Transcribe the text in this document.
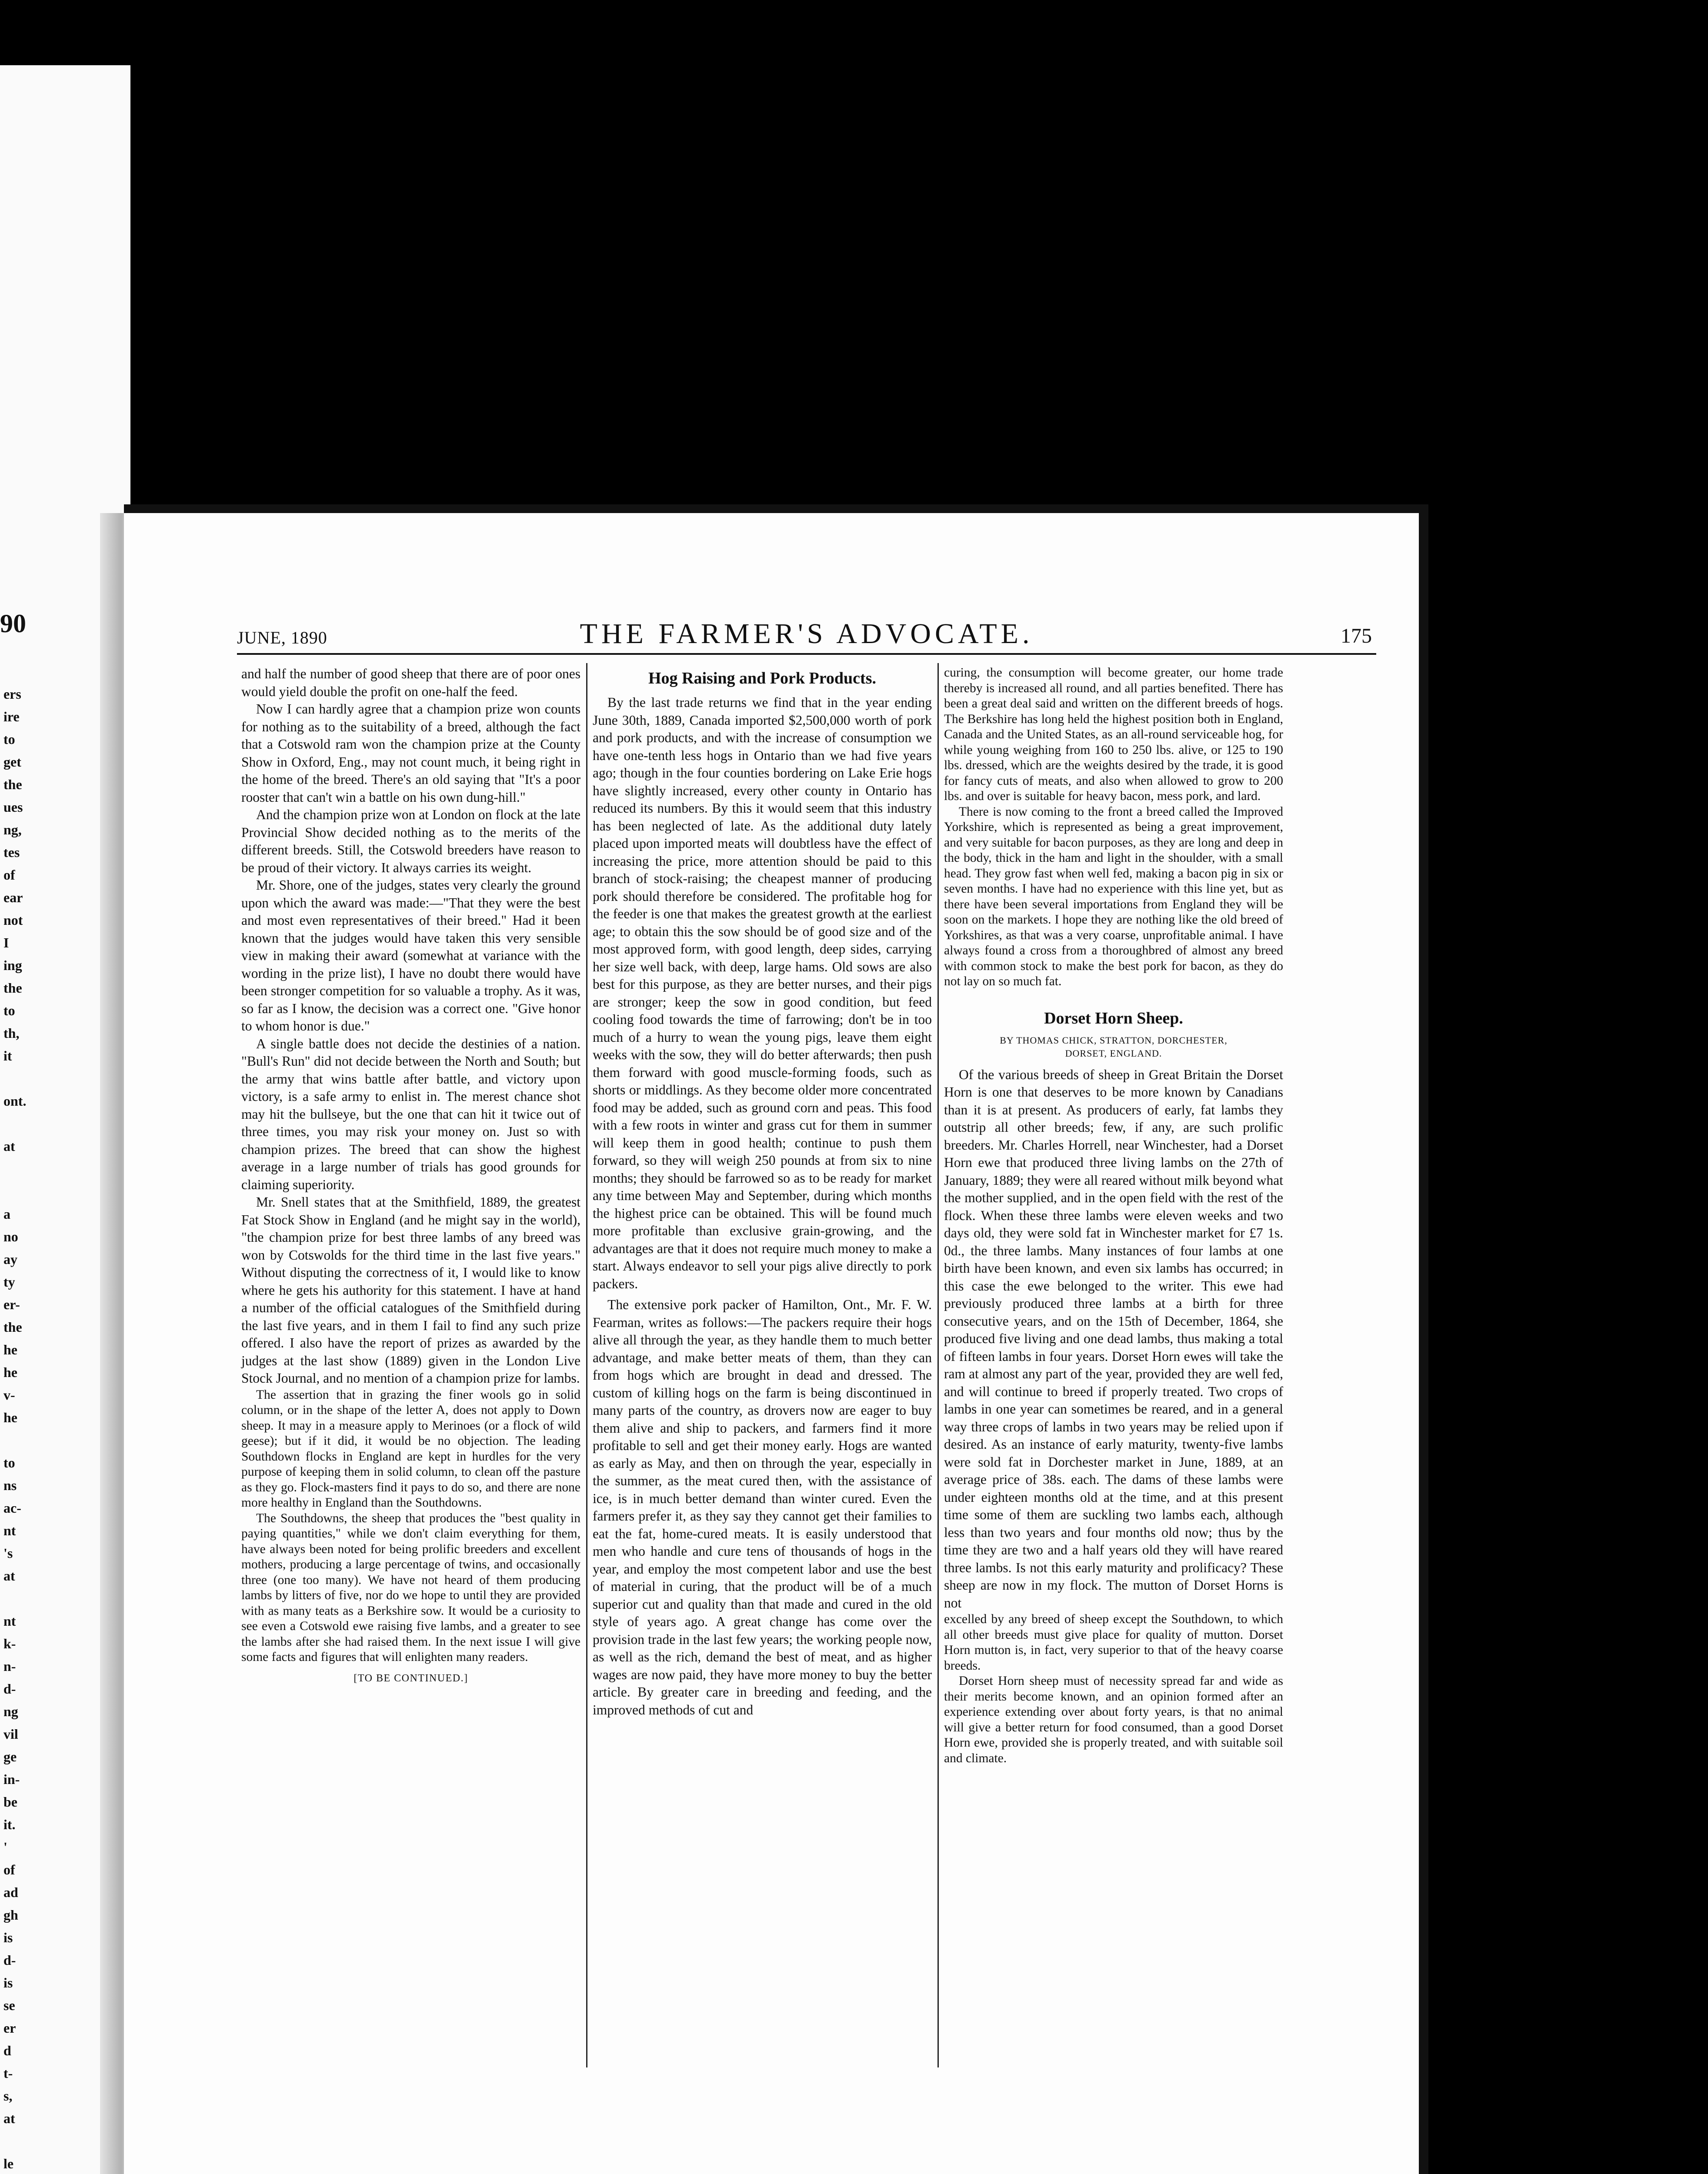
90
ers
ire
to
get
the
ues
ng,
tes
of
ear
not
I
ing
the
to
th,
it

ont.

at

a
no
ay
ty
er-
the
he
he
v-
he

to
ns
ac-
nt
's
at

nt
k-
n-
d-
ng
vil
ge
in-
be
it.
'
of
ad
gh
is
d-
is
se
er
d
t-
s,
at

le

JUNE, 1890	THE FARMER'S ADVOCATE.	175

and half the number of good sheep that there are of poor ones would yield double the profit on one-half the feed.

Now I can hardly agree that a champion prize won counts for nothing as to the suitability of a breed, although the fact that a Cotswold ram won the champion prize at the County Show in Oxford, Eng., may not count much, it being right in the home of the breed. There's an old saying that "It's a poor rooster that can't win a battle on his own dung-hill."

And the champion prize won at London on flock at the late Provincial Show decided nothing as to the merits of the different breeds. Still, the Cotswold breeders have reason to be proud of their victory. It always carries its weight.

Mr. Shore, one of the judges, states very clearly the ground upon which the award was made:—"That they were the best and most even representatives of their breed." Had it been known that the judges would have taken this very sensible view in making their award (somewhat at variance with the wording in the prize list), I have no doubt there would have been stronger competition for so valuable a trophy. As it was, so far as I know, the decision was a correct one. "Give honor to whom honor is due."

A single battle does not decide the destinies of a nation. "Bull's Run" did not decide between the North and South; but the army that wins battle after battle, and victory upon victory, is a safe army to enlist in. The merest chance shot may hit the bullseye, but the one that can hit it twice out of three times, you may risk your money on. Just so with champion prizes. The breed that can show the highest average in a large number of trials has good grounds for claiming superiority.

Mr. Snell states that at the Smithfield, 1889, the greatest Fat Stock Show in England (and he might say in the world), "the champion prize for best three lambs of any breed was won by Cotswolds for the third time in the last five years." Without disputing the correctness of it, I would like to know where he gets his authority for this statement. I have at hand a number of the official catalogues of the Smithfield during the last five years, and in them I fail to find any such prize offered. I also have the report of prizes as awarded by the judges at the last show (1889) given in the London Live Stock Journal, and no mention of a champion prize for lambs.

The assertion that in grazing the finer wools go in solid column, or in the shape of the letter A, does not apply to Down sheep. It may in a measure apply to Merinoes (or a flock of wild geese); but if it did, it would be no objection. The leading Southdown flocks in England are kept in hurdles for the very purpose of keeping them in solid column, to clean off the pasture as they go. Flock-masters find it pays to do so, and there are none more healthy in England than the Southdowns.

The Southdowns, the sheep that produces the "best quality in paying quantities," while we don't claim everything for them, have always been noted for being prolific breeders and excellent mothers, producing a large percentage of twins, and occasionally three (one too many). We have not heard of them producing lambs by litters of five, nor do we hope to until they are provided with as many teats as a Berkshire sow. It would be a curiosity to see even a Cotswold ewe raising five lambs, and a greater to see the lambs after she had raised them. In the next issue I will give some facts and figures that will enlighten many readers.

[TO BE CONTINUED.]
Hog Raising and Pork Products.

By the last trade returns we find that in the year ending June 30th, 1889, Canada imported $2,500,000 worth of pork and pork products, and with the increase of consumption we have one-tenth less hogs in Ontario than we had five years ago; though in the four counties bordering on Lake Erie hogs have slightly increased, every other county in Ontario has reduced its numbers. By this it would seem that this industry has been neglected of late. As the additional duty lately placed upon imported meats will doubtless have the effect of increasing the price, more attention should be paid to this branch of stock-raising; the cheapest manner of producing pork should therefore be considered. The profitable hog for the feeder is one that makes the greatest growth at the earliest age; to obtain this the sow should be of good size and of the most approved form, with good length, deep sides, carrying her size well back, with deep, large hams. Old sows are also best for this purpose, as they are better nurses, and their pigs are stronger; keep the sow in good condition, but feed cooling food towards the time of farrowing; don't be in too much of a hurry to wean the young pigs, leave them eight weeks with the sow, they will do better afterwards; then push them forward with good muscle-forming foods, such as shorts or middlings. As they become older more concentrated food may be added, such as ground corn and peas. This food with a few roots in winter and grass cut for them in summer will keep them in good health; continue to push them forward, so they will weigh 250 pounds at from six to nine months; they should be farrowed so as to be ready for market any time between May and September, during which months the highest price can be obtained. This will be found much more profitable than exclusive grain-growing, and the advantages are that it does not require much money to make a start. Always endeavor to sell your pigs alive directly to pork packers.

The extensive pork packer of Hamilton, Ont., Mr. F. W. Fearman, writes as follows:—The packers require their hogs alive all through the year, as they handle them to much better advantage, and make better meats of them, than they can from hogs which are brought in dead and dressed. The custom of killing hogs on the farm is being discontinued in many parts of the country, as drovers now are eager to buy them alive and ship to packers, and farmers find it more profitable to sell and get their money early. Hogs are wanted as early as May, and then on through the year, especially in the summer, as the meat cured then, with the assistance of ice, is in much better demand than winter cured. Even the farmers prefer it, as they say they cannot get their families to eat the fat, home-cured meats. It is easily understood that men who handle and cure tens of thousands of hogs in the year, and employ the most competent labor and use the best of material in curing, that the product will be of a much superior cut and quality than that made and cured in the old style of years ago. A great change has come over the provision trade in the last few years; the working people now, as well as the rich, demand the best of meat, and as higher wages are now paid, they have more money to buy the better article. By greater care in breeding and feeding, and the improved methods of cut and

curing, the consumption will become greater, our home trade thereby is increased all round, and all parties benefited. There has been a great deal said and written on the different breeds of hogs. The Berkshire has long held the highest position both in England, Canada and the United States, as an all-round serviceable hog, for while young weighing from 160 to 250 lbs. alive, or 125 to 190 lbs. dressed, which are the weights desired by the trade, it is good for fancy cuts of meats, and also when allowed to grow to 200 lbs. and over is suitable for heavy bacon, mess pork, and lard.

There is now coming to the front a breed called the Improved Yorkshire, which is represented as being a great improvement, and very suitable for bacon purposes, as they are long and deep in the body, thick in the ham and light in the shoulder, with a small head. They grow fast when well fed, making a bacon pig in six or seven months. I have had no experience with this line yet, but as there have been several importations from England they will be soon on the markets. I hope they are nothing like the old breed of Yorkshires, as that was a very coarse, unprofitable animal. I have always found a cross from a thoroughbred of almost any breed with common stock to make the best pork for bacon, as they do not lay on so much fat.

Dorset Horn Sheep.
BY THOMAS CHICK, STRATTON, DORCHESTER,
DORSET, ENGLAND.

Of the various breeds of sheep in Great Britain the Dorset Horn is one that deserves to be more known by Canadians than it is at present. As producers of early, fat lambs they outstrip all other breeds; few, if any, are such prolific breeders. Mr. Charles Horrell, near Winchester, had a Dorset Horn ewe that produced three living lambs on the 27th of January, 1889; they were all reared without milk beyond what the mother supplied, and in the open field with the rest of the flock. When these three lambs were eleven weeks and two days old, they were sold fat in Winchester market for £7 1s. 0d., the three lambs. Many instances of four lambs at one birth have been known, and even six lambs has occurred; in this case the ewe belonged to the writer. This ewe had previously produced three lambs at a birth for three consecutive years, and on the 15th of December, 1864, she produced five living and one dead lambs, thus making a total of fifteen lambs in four years. Dorset Horn ewes will take the ram at almost any part of the year, provided they are well fed, and will continue to breed if properly treated. Two crops of lambs in one year can sometimes be reared, and in a general way three crops of lambs in two years may be relied upon if desired. As an instance of early maturity, twenty-five lambs were sold fat in Dorchester market in June, 1889, at an average price of 38s. each. The dams of these lambs were under eighteen months old at the time, and at this present time some of them are suckling two lambs each, although less than two years and four months old now; thus by the time they are two and a half years old they will have reared three lambs. Is not this early maturity and prolificacy? These sheep are now in my flock. The mutton of Dorset Horns is not

excelled by any breed of sheep except the Southdown, to which all other breeds must give place for quality of mutton. Dorset Horn mutton is, in fact, very superior to that of the heavy coarse breeds.

Dorset Horn sheep must of necessity spread far and wide as their merits become known, and an opinion formed after an experience extending over about forty years, is that no animal will give a better return for food consumed, than a good Dorset Horn ewe, provided she is properly treated, and with suitable soil and climate.
